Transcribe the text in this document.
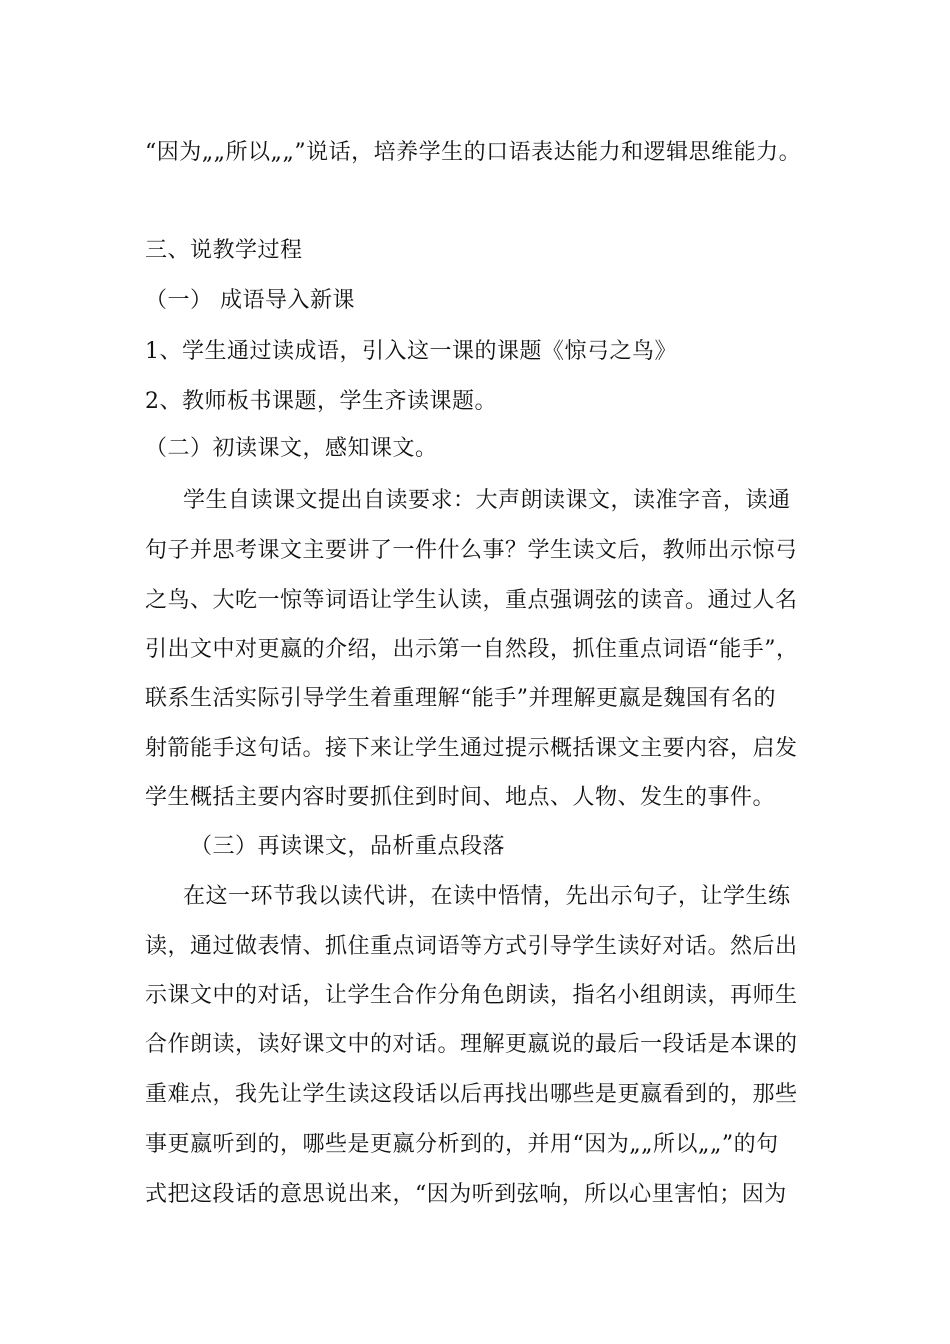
“因为„„所以„„”说话，培养学生的口语表达能力和逻辑思维能力。
三、说教学过程
（一） 成语导入新课
1、学生通过读成语，引入这一课的课题《惊弓之鸟》
2、教师板书课题，学生齐读课题。
（二）初读课文，感知课文。
学生自读课文提出自读要求：大声朗读课文，读准字音，读通
句子并思考课文主要讲了一件什么事？学生读文后，教师出示惊弓
之鸟、大吃一惊等词语让学生认读，重点强调弦的读音。通过人名
引出文中对更嬴的介绍，出示第一自然段，抓住重点词语“能手”，
联系生活实际引导学生着重理解“能手”并理解更嬴是魏国有名的
射箭能手这句话。接下来让学生通过提示概括课文主要内容，启发
学生概括主要内容时要抓住到时间、地点、人物、发生的事件。
（三）再读课文，品析重点段落
在这一环节我以读代讲，在读中悟情，先出示句子，让学生练
读，通过做表情、抓住重点词语等方式引导学生读好对话。然后出
示课文中的对话，让学生合作分角色朗读，指名小组朗读，再师生
合作朗读，读好课文中的对话。理解更嬴说的最后一段话是本课的
重难点，我先让学生读这段话以后再找出哪些是更嬴看到的，那些
事更嬴听到的，哪些是更嬴分析到的，并用“因为„„所以„„”的句
式把这段话的意思说出来，“因为听到弦响，所以心里害怕；因为
